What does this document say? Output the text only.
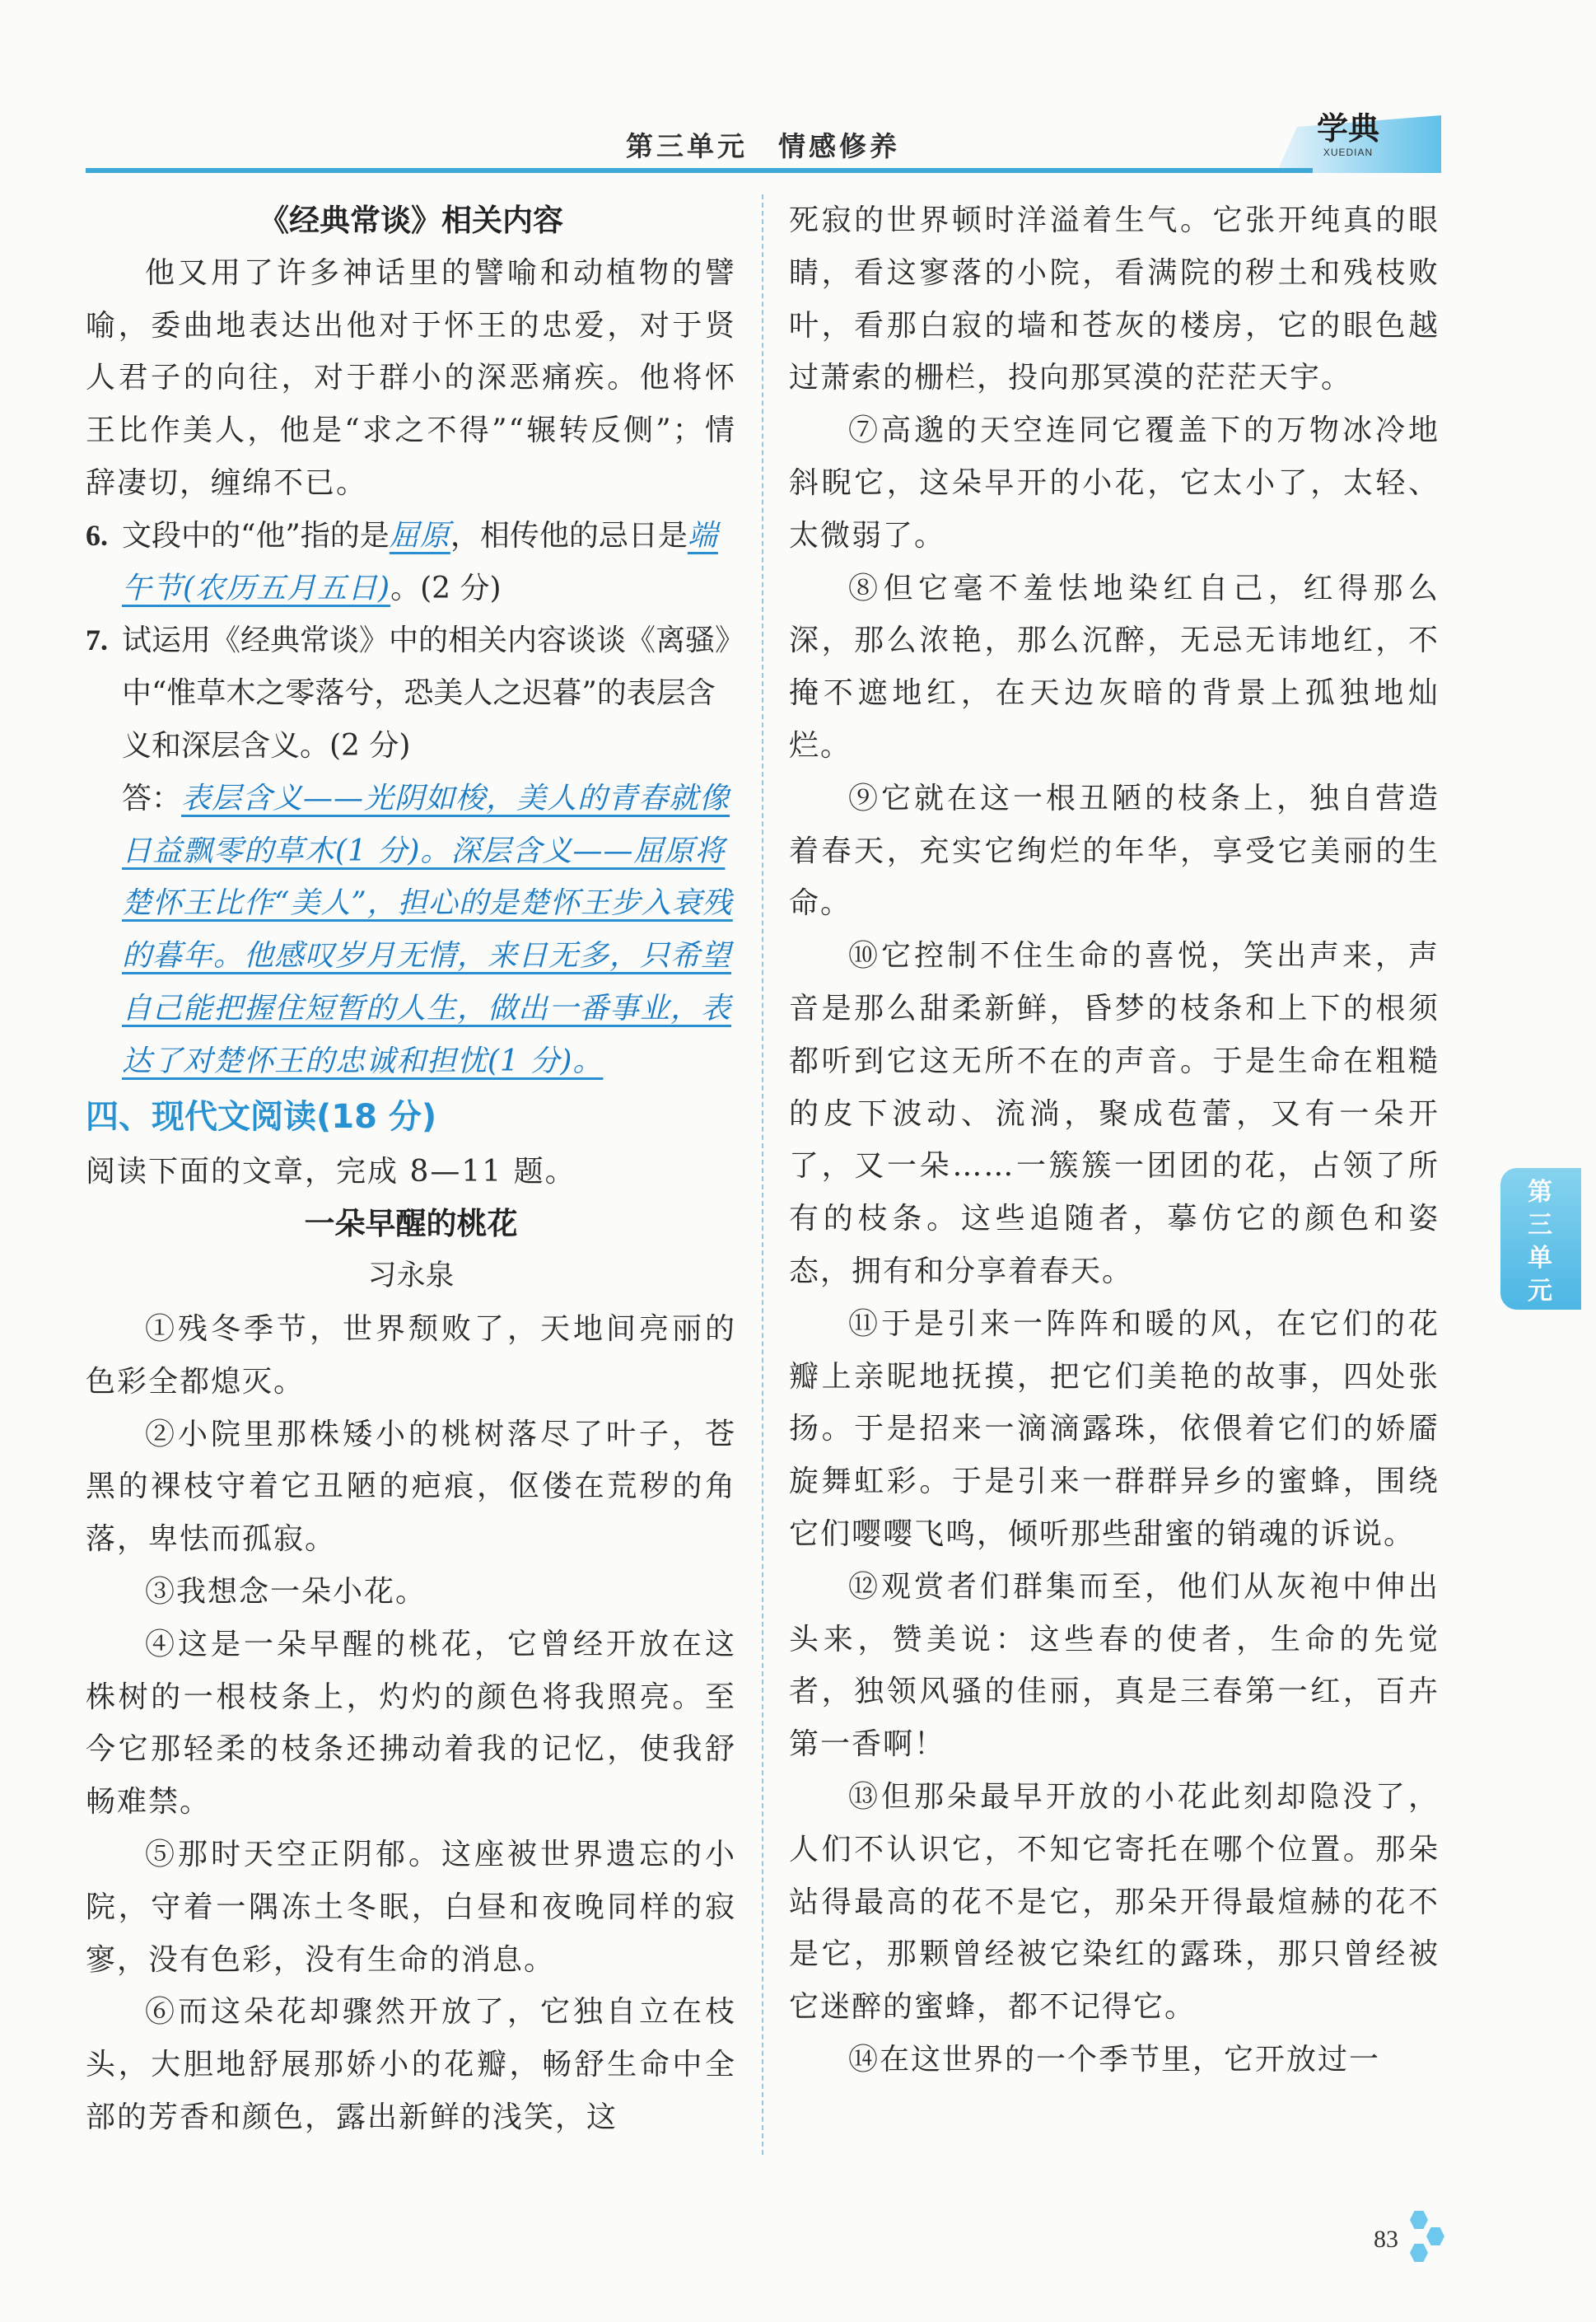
第三单元　情感修养	学典
XUEDIAN

《经典常谈》相关内容

他又用了许多神话里的譬喻和动植物的譬喻，委曲地表达出他对于怀王的忠爱，对于贤人君子的向往，对于群小的深恶痛疾。他将怀王比作美人，他是“求之不得”“辗转反侧”；情辞凄切，缠绵不已。

6. 文段中的“他”指的是屈原，相传他的忌日是端午节(农历五月五日)。(2 分)

7. 试运用《经典常谈》中的相关内容谈谈《离骚》中“惟草木之零落兮，恐美人之迟暮”的表层含义和深层含义。(2 分)

答：表层含义——光阴如梭，美人的青春就像日益飘零的草木(1 分)。深层含义——屈原将楚怀王比作“美人”，担心的是楚怀王步入衰残的暮年。他感叹岁月无情，来日无多，只希望自己能把握住短暂的人生，做出一番事业，表达了对楚怀王的忠诚和担忧(1 分)。

四、现代文阅读(18 分)

阅读下面的文章，完成 8—11 题。

一朵早醒的桃花

习永泉

①残冬季节，世界颓败了，天地间亮丽的色彩全都熄灭。

②小院里那株矮小的桃树落尽了叶子，苍黑的裸枝守着它丑陋的疤痕，伛偻在荒秽的角落，卑怯而孤寂。

③我想念一朵小花。

④这是一朵早醒的桃花，它曾经开放在这株树的一根枝条上，灼灼的颜色将我照亮。至今它那轻柔的枝条还拂动着我的记忆，使我舒畅难禁。

⑤那时天空正阴郁。这座被世界遗忘的小院，守着一隅冻土冬眠，白昼和夜晚同样的寂寥，没有色彩，没有生命的消息。

⑥而这朵花却骤然开放了，它独自立在枝头，大胆地舒展那娇小的花瓣，畅舒生命中全部的芳香和颜色，露出新鲜的浅笑，这

死寂的世界顿时洋溢着生气。它张开纯真的眼睛，看这寥落的小院，看满院的秽土和残枝败叶，看那白寂的墙和苍灰的楼房，它的眼色越过萧索的栅栏，投向那冥漠的茫茫天宇。

⑦高邈的天空连同它覆盖下的万物冰冷地斜睨它，这朵早开的小花，它太小了，太轻、太微弱了。

⑧但它毫不羞怯地染红自己，红得那么深，那么浓艳，那么沉醉，无忌无讳地红，不掩不遮地红，在天边灰暗的背景上孤独地灿烂。

⑨它就在这一根丑陋的枝条上，独自营造着春天，充实它绚烂的年华，享受它美丽的生命。

⑩它控制不住生命的喜悦，笑出声来，声音是那么甜柔新鲜，昏梦的枝条和上下的根须都听到它这无所不在的声音。于是生命在粗糙的皮下波动、流淌，聚成苞蕾，又有一朵开了，又一朵……一簇簇一团团的花，占领了所有的枝条。这些追随者，摹仿它的颜色和姿态，拥有和分享着春天。

⑪于是引来一阵阵和暖的风，在它们的花瓣上亲昵地抚摸，把它们美艳的故事，四处张扬。于是招来一滴滴露珠，依偎着它们的娇靥旋舞虹彩。于是引来一群群异乡的蜜蜂，围绕它们嘤嘤飞鸣，倾听那些甜蜜的销魂的诉说。

⑫观赏者们群集而至，他们从灰袍中伸出头来，赞美说：这些春的使者，生命的先觉者，独领风骚的佳丽，真是三春第一红，百卉第一香啊！

⑬但那朵最早开放的小花此刻却隐没了，人们不认识它，不知它寄托在哪个位置。那朵站得最高的花不是它，那朵开得最煊赫的花不是它，那颗曾经被它染红的露珠，那只曾经被它迷醉的蜜蜂，都不记得它。

⑭在这世界的一个季节里，它开放过一

第三单元
83
